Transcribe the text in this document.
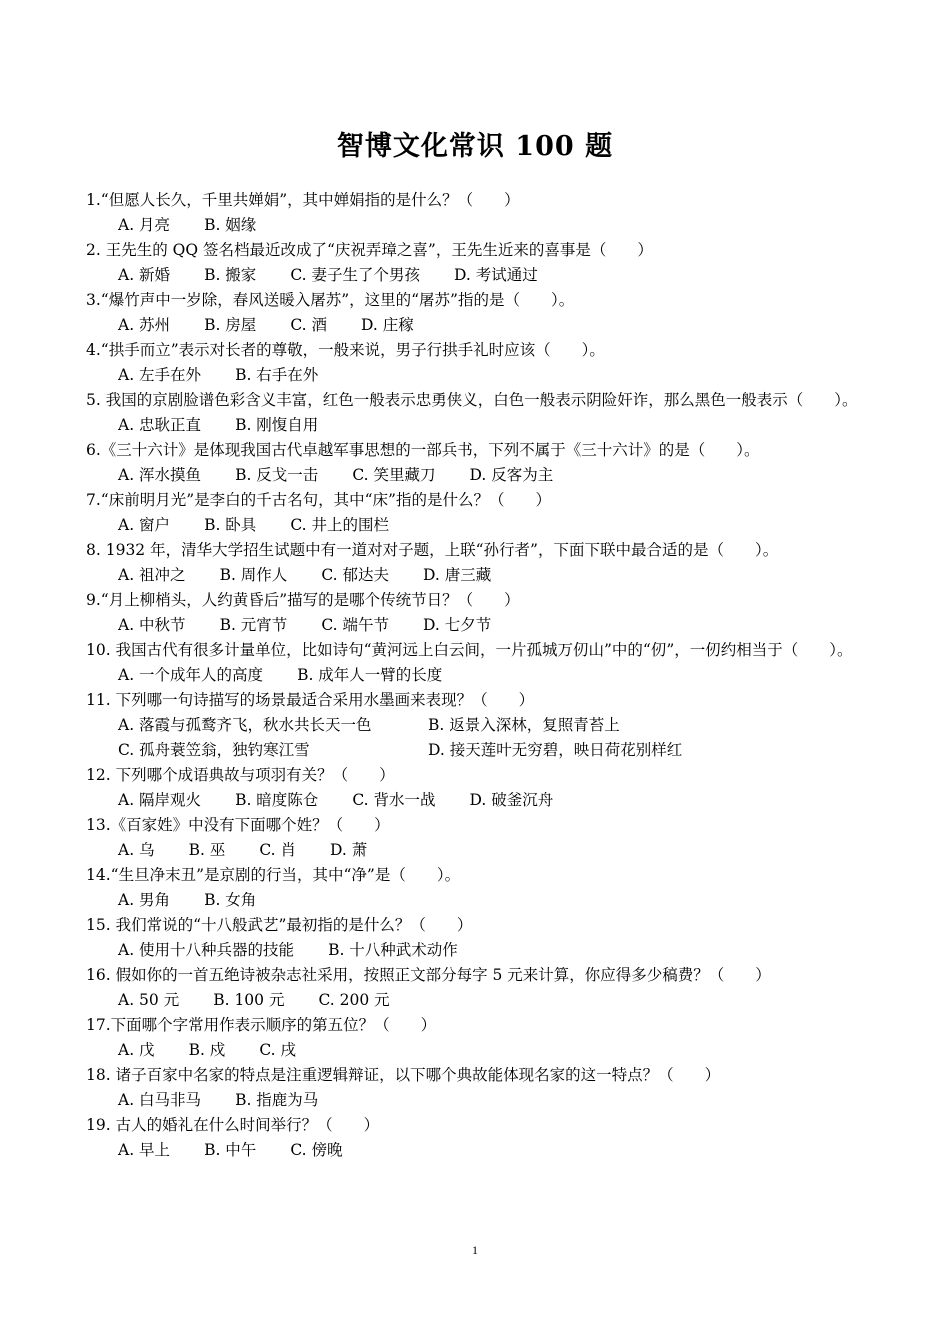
智博文化常识 100 题
1.“但愿人长久，千里共婵娟”，其中婵娟指的是什么？（　　）
A. 月亮 B. 姻缘
2. 王先生的 QQ 签名档最近改成了“庆祝弄璋之喜”，王先生近来的喜事是（　　）
A. 新婚 B. 搬家 C. 妻子生了个男孩 D. 考试通过
3.“爆竹声中一岁除，春风送暖入屠苏”，这里的“屠苏”指的是（　　）。
A. 苏州 B. 房屋 C. 酒 D. 庄稼
4.“拱手而立”表示对长者的尊敬，一般来说，男子行拱手礼时应该（　　）。
A. 左手在外 B. 右手在外
5. 我国的京剧脸谱色彩含义丰富，红色一般表示忠勇侠义，白色一般表示阴险奸诈，那么黑色一般表示（　　）。
A. 忠耿正直 B. 刚愎自用
6.《三十六计》是体现我国古代卓越军事思想的一部兵书，下列不属于《三十六计》的是（　　）。
A. 浑水摸鱼 B. 反戈一击 C. 笑里藏刀 D. 反客为主
7.“床前明月光”是李白的千古名句，其中“床”指的是什么？（　　）
A. 窗户 B. 卧具 C. 井上的围栏
8. 1932 年，清华大学招生试题中有一道对对子题，上联“孙行者”，下面下联中最合适的是（　　）。
A. 祖冲之 B. 周作人 C. 郁达夫 D. 唐三藏
9.“月上柳梢头，人约黄昏后”描写的是哪个传统节日？（　　）
A. 中秋节 B. 元宵节 C. 端午节 D. 七夕节
10. 我国古代有很多计量单位，比如诗句“黄河远上白云间，一片孤城万仞山”中的“仞”，一仞约相当于（　　）。
A. 一个成年人的高度 B. 成年人一臂的长度
11. 下列哪一句诗描写的场景最适合采用水墨画来表现？（　　）
A. 落霞与孤鹜齐飞，秋水共长天一色	B. 返景入深林，复照青苔上
C. 孤舟蓑笠翁，独钓寒江雪	D. 接天莲叶无穷碧，映日荷花别样红
12. 下列哪个成语典故与项羽有关？（　　）
A. 隔岸观火 B. 暗度陈仓 C. 背水一战 D. 破釜沉舟
13.《百家姓》中没有下面哪个姓？（　　）
A. 乌 B. 巫 C. 肖 D. 萧
14.“生旦净末丑”是京剧的行当，其中“净”是（　　）。
A. 男角 B. 女角
15. 我们常说的“十八般武艺”最初指的是什么？（　　）
A. 使用十八种兵器的技能 B. 十八种武术动作
16. 假如你的一首五绝诗被杂志社采用，按照正文部分每字 5 元来计算，你应得多少稿费？（　　）
A. 50 元 B. 100 元 C. 200 元
17.下面哪个字常用作表示顺序的第五位？（　　）
A. 戊 B. 戍 C. 戌
18. 诸子百家中名家的特点是注重逻辑辩证，以下哪个典故能体现名家的这一特点？（　　）
A. 白马非马 B. 指鹿为马
19. 古人的婚礼在什么时间举行？（　　）
A. 早上 B. 中午 C. 傍晚
1
